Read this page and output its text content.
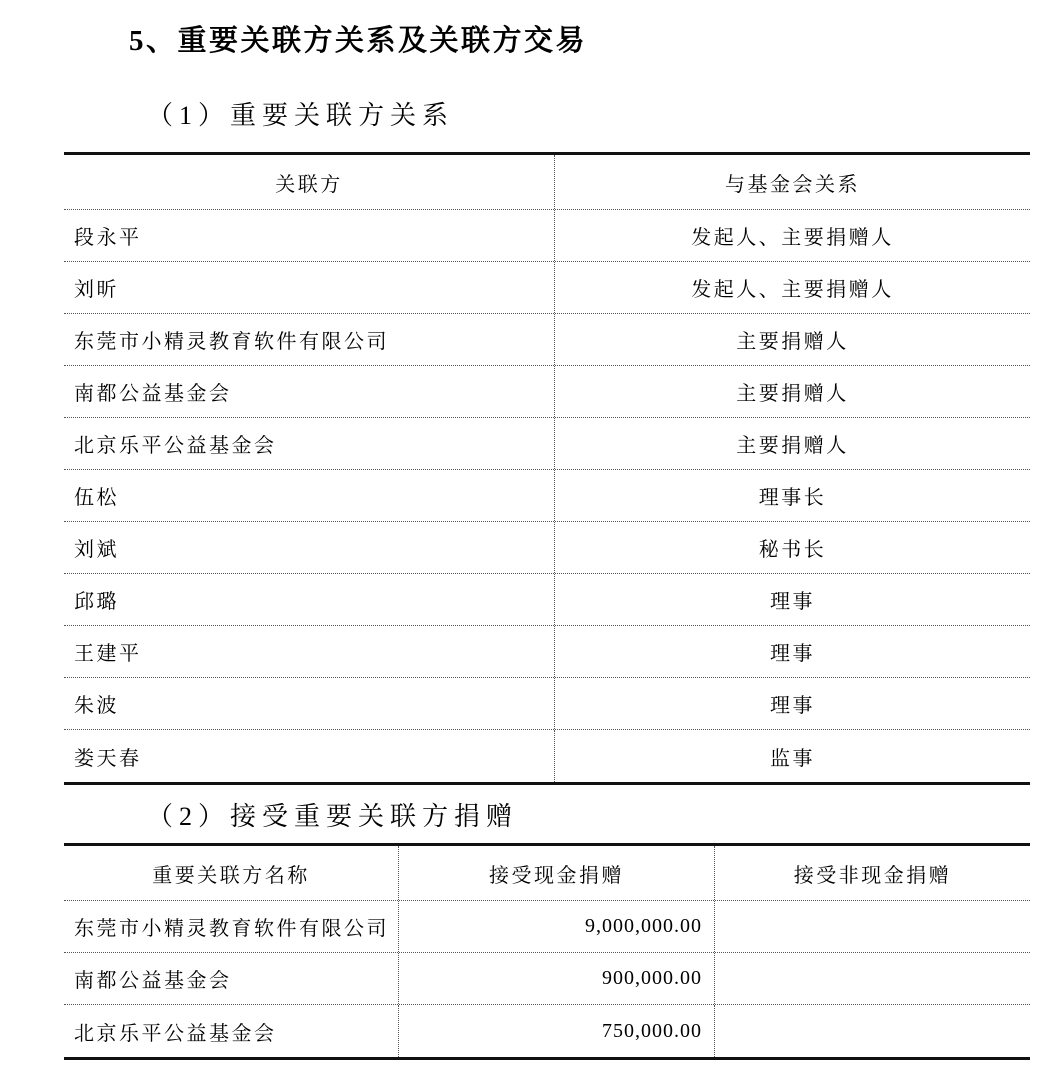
5、重要关联方关系及关联方交易
（1）重要关联方关系
关联方	与基金会关系
段永平	发起人、主要捐赠人
刘昕	发起人、主要捐赠人
东莞市小精灵教育软件有限公司	主要捐赠人
南都公益基金会	主要捐赠人
北京乐平公益基金会	主要捐赠人
伍松	理事长
刘斌	秘书长
邱璐	理事
王建平	理事
朱波	理事
娄天春	监事
（2）接受重要关联方捐赠
重要关联方名称	接受现金捐赠	接受非现金捐赠
东莞市小精灵教育软件有限公司	9,000,000.00
南都公益基金会	900,000.00
北京乐平公益基金会	750,000.00
